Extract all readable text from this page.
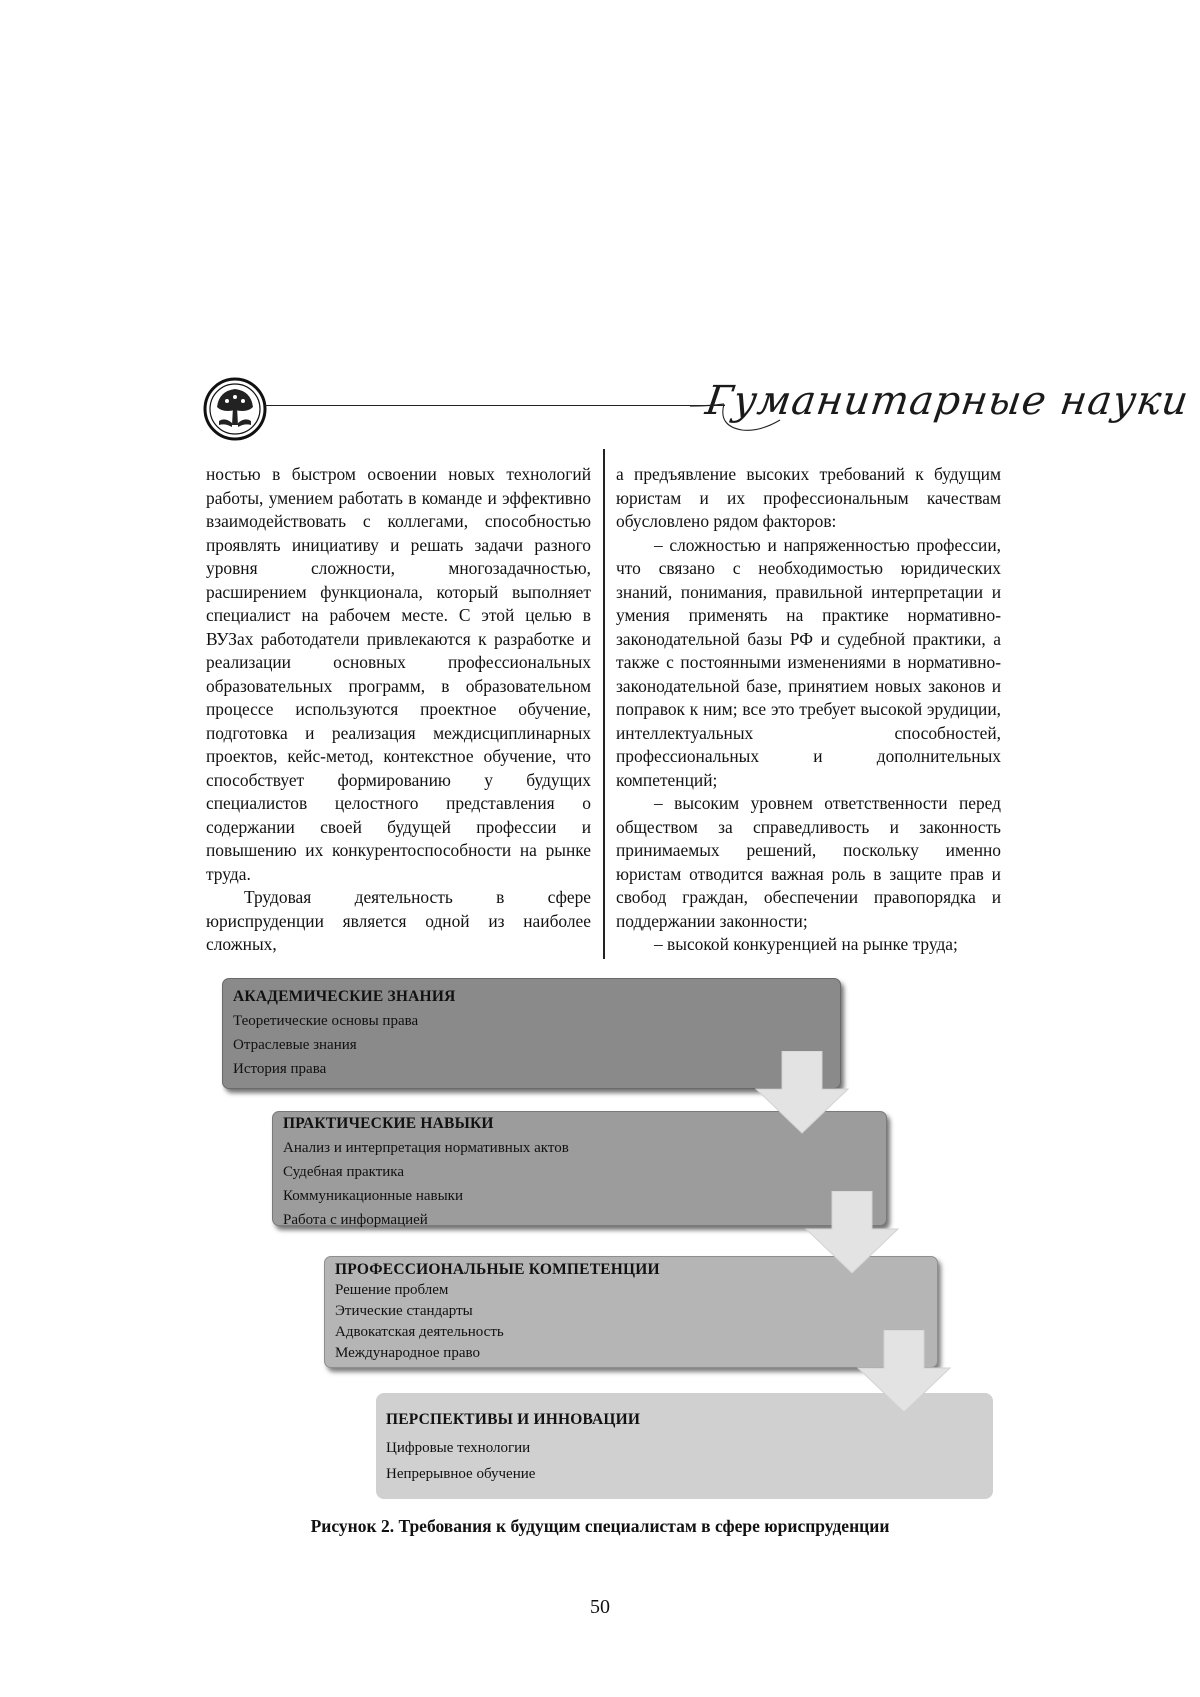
Гуманитарные науки

ностью в быстром освоении новых технологий работы, умением работать в команде и эффективно взаимодействовать с коллегами, способностью проявлять инициативу и решать задачи разного уровня сложности, многозадачностью, расширением функционала, который выполняет специалист на рабочем месте. С этой целью в ВУЗах работодатели привлекаются к разработке и реализации основных профессиональных образовательных программ, в образовательном процессе используются проектное обучение, подготовка и реализация междисциплинарных проектов, кейс-метод, контекстное обучение, что способствует формированию у будущих специалистов целостного представления о содержании своей будущей профессии и повышению их конкурентоспособности на рынке труда.

Трудовая деятельность в сфере юриспруденции является одной из наиболее сложных,

а предъявление высоких требований к будущим юристам и их профессиональным качествам обусловлено рядом факторов:

– сложностью и напряженностью профессии, что связано с необходимостью юридических знаний, понимания, правильной интерпретации и умения применять на практике нормативно-законодательной базы РФ и судебной практики, а также с постоянными изменениями в нормативно-законодательной базе, принятием новых законов и поправок к ним; все это требует высокой эрудиции, интеллектуальных способностей, профессиональных и дополнительных компетенций;

– высоким уровнем ответственности перед обществом за справедливость и законность принимаемых решений, поскольку именно юристам отводится важная роль в защите прав и свобод граждан, обеспечении правопорядка и поддержании законности;

– высокой конкуренцией на рынке труда;

АКАДЕМИЧЕСКИЕ ЗНАНИЯ
Теоретические основы права
Отраслевые знания
История права
ПРАКТИЧЕСКИЕ НАВЫКИ
Анализ и интерпретация нормативных актов
Судебная практика
Коммуникационные навыки
Работа с информацией
ПРОФЕССИОНАЛЬНЫЕ КОМПЕТЕНЦИИ
Решение проблем
Этические стандарты
Адвокатская деятельность
Международное право
ПЕРСПЕКТИВЫ И ИННОВАЦИИ
Цифровые технологии
Непрерывное обучение
Рисунок 2. Требования к будущим специалистам в сфере юриспруденции
50
